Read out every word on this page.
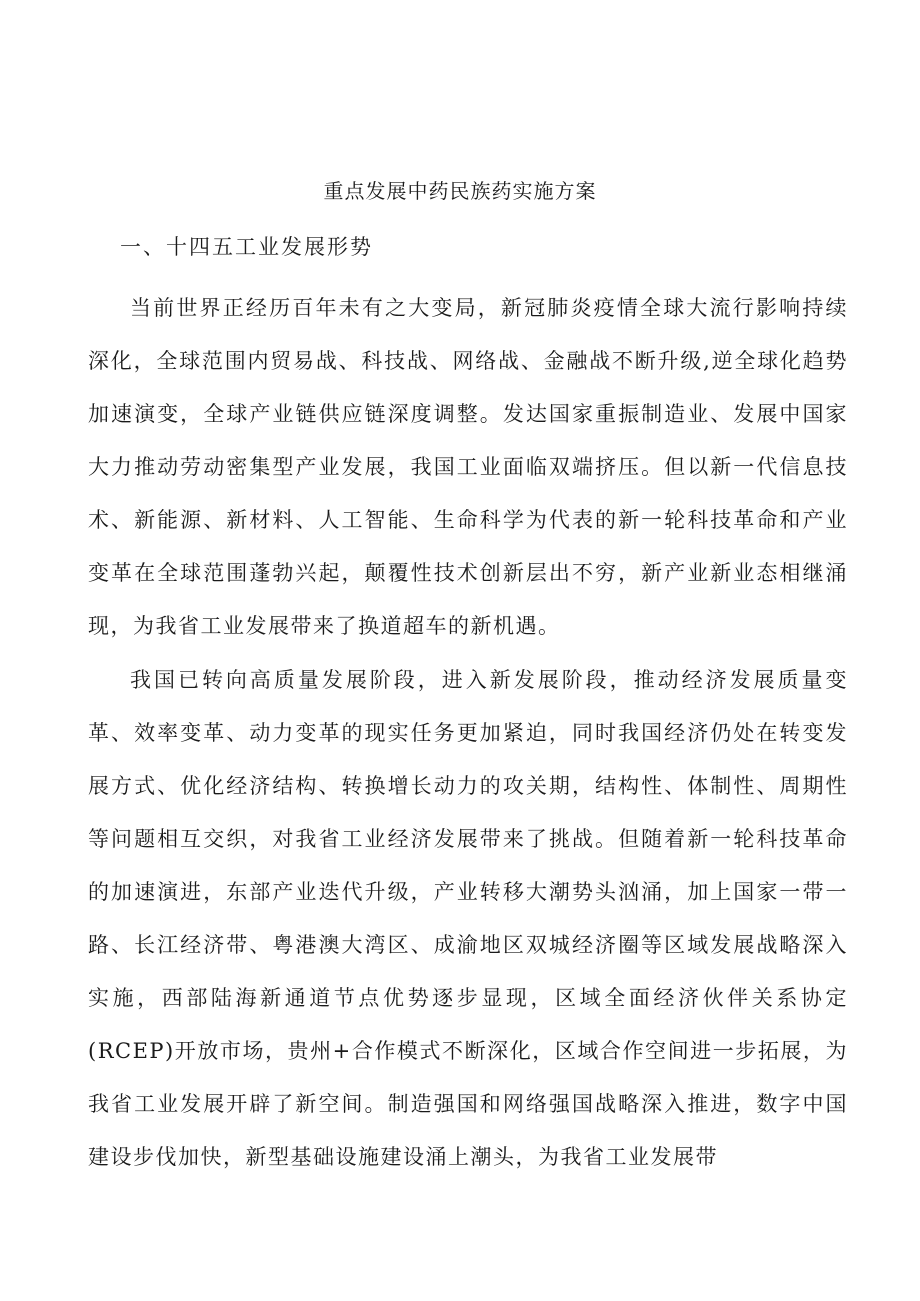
重点发展中药民族药实施方案
一、十四五工业发展形势

当前世界正经历百年未有之大变局，新冠肺炎疫情全球大流行影响持续深化，全球范围内贸易战、科技战、网络战、金融战不断升级,逆全球化趋势加速演变，全球产业链供应链深度调整。发达国家重振制造业、发展中国家大力推动劳动密集型产业发展，我国工业面临双端挤压。但以新一代信息技术、新能源、新材料、人工智能、生命科学为代表的新一轮科技革命和产业变革在全球范围蓬勃兴起，颠覆性技术创新层出不穷，新产业新业态相继涌现，为我省工业发展带来了换道超车的新机遇。

我国已转向高质量发展阶段，进入新发展阶段，推动经济发展质量变革、效率变革、动力变革的现实任务更加紧迫，同时我国经济仍处在转变发展方式、优化经济结构、转换增长动力的攻关期，结构性、体制性、周期性等问题相互交织，对我省工业经济发展带来了挑战。但随着新一轮科技革命的加速演进，东部产业迭代升级，产业转移大潮势头汹涌，加上国家一带一路、长江经济带、粤港澳大湾区、成渝地区双城经济圈等区域发展战略深入实施，西部陆海新通道节点优势逐步显现，区域全面经济伙伴关系协定(RCEP)开放市场，贵州+合作模式不断深化，区域合作空间进一步拓展，为我省工业发展开辟了新空间。制造强国和网络强国战略深入推进，数字中国建设步伐加快，新型基础设施建设涌上潮头，为我省工业发展带
